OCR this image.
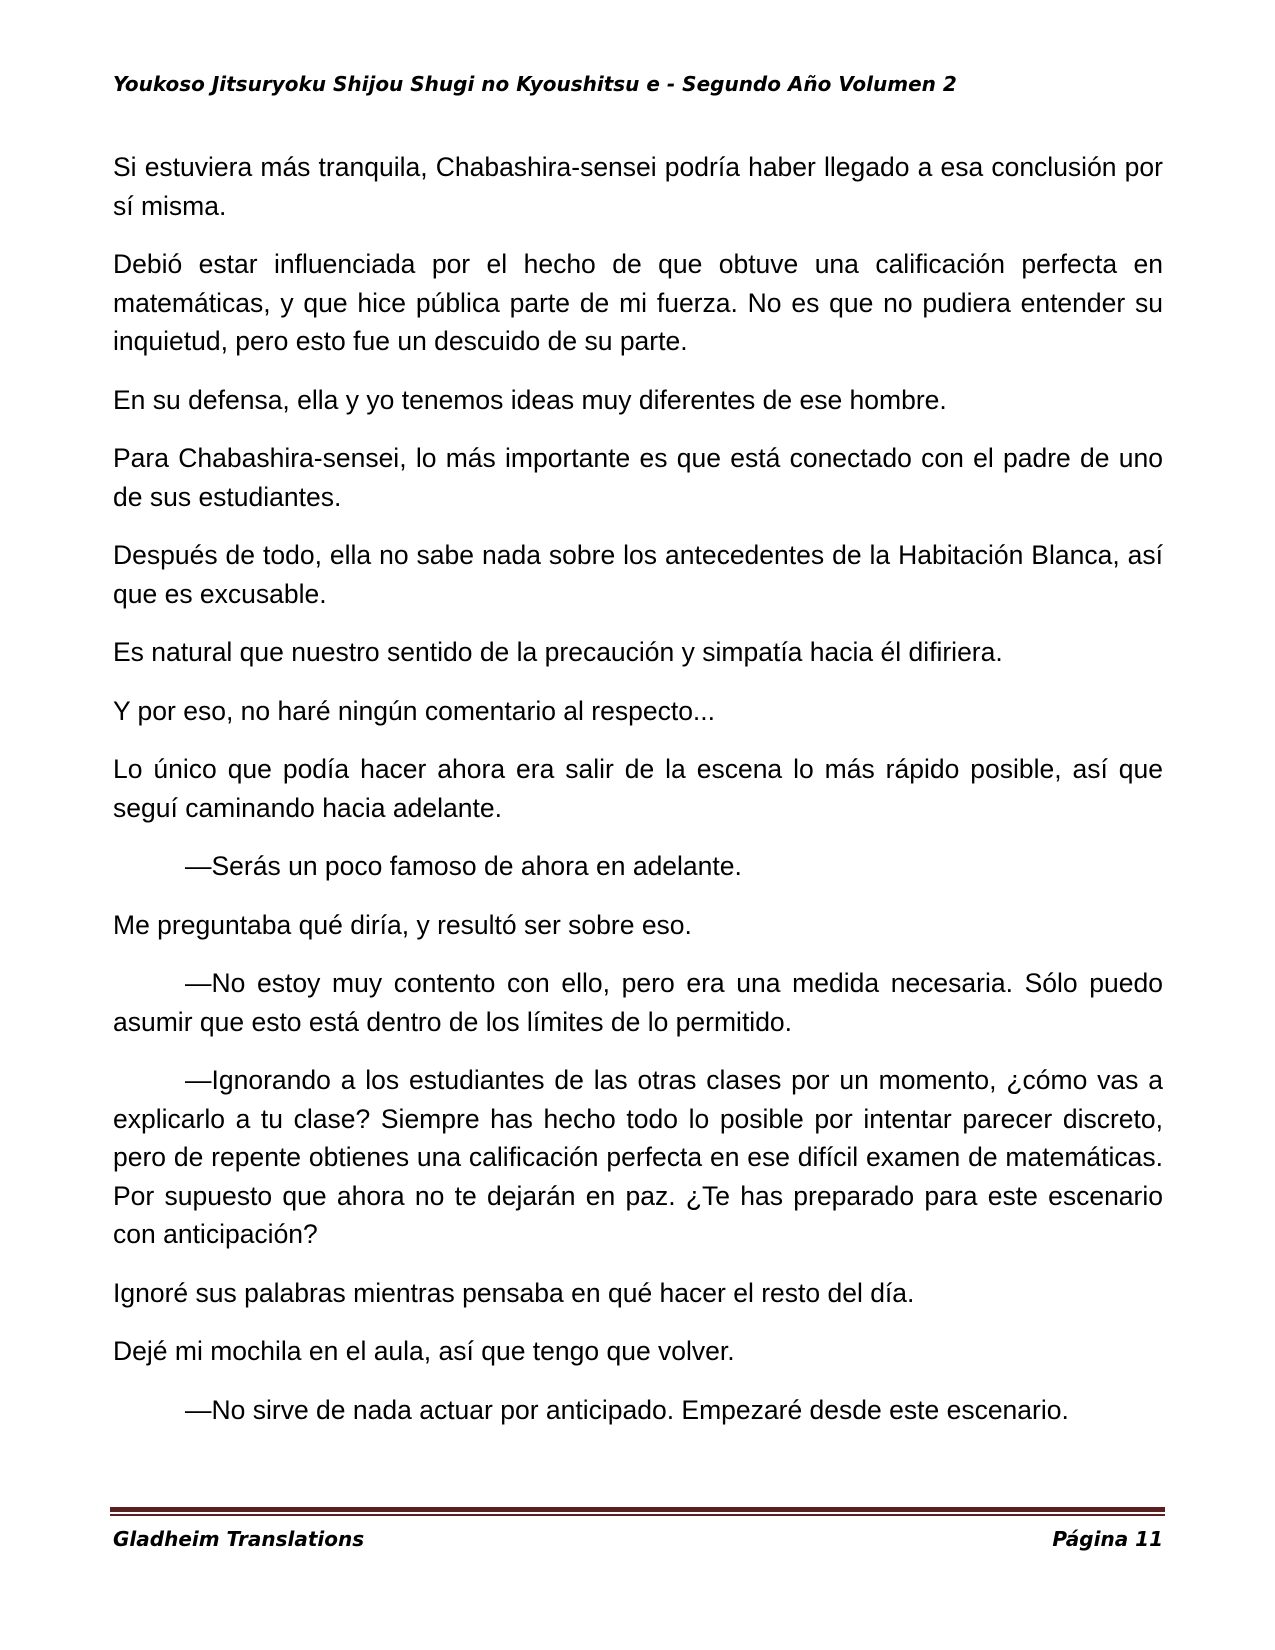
Youkoso Jitsuryoku Shijou Shugi no Kyoushitsu e - Segundo Año Volumen 2

Si estuviera más tranquila, Chabashira-sensei podría haber llegado a esa conclusión por sí misma.

Debió estar influenciada por el hecho de que obtuve una calificación perfecta en matemáticas, y que hice pública parte de mi fuerza. No es que no pudiera entender su inquietud, pero esto fue un descuido de su parte.

En su defensa, ella y yo tenemos ideas muy diferentes de ese hombre.

Para Chabashira-sensei, lo más importante es que está conectado con el padre de uno de sus estudiantes.

Después de todo, ella no sabe nada sobre los antecedentes de la Habitación Blanca, así que es excusable.

Es natural que nuestro sentido de la precaución y simpatía hacia él difiriera.

Y por eso, no haré ningún comentario al respecto...

Lo único que podía hacer ahora era salir de la escena lo más rápido posible, así que seguí caminando hacia adelante.

—Serás un poco famoso de ahora en adelante.

Me preguntaba qué diría, y resultó ser sobre eso.

—No estoy muy contento con ello, pero era una medida necesaria. Sólo puedo asumir que esto está dentro de los límites de lo permitido.

—Ignorando a los estudiantes de las otras clases por un momento, ¿cómo vas a explicarlo a tu clase? Siempre has hecho todo lo posible por intentar parecer discreto, pero de repente obtienes una calificación perfecta en ese difícil examen de matemáticas. Por supuesto que ahora no te dejarán en paz. ¿Te has preparado para este escenario con anticipación?

Ignoré sus palabras mientras pensaba en qué hacer el resto del día.

Dejé mi mochila en el aula, así que tengo que volver.

—No sirve de nada actuar por anticipado. Empezaré desde este escenario.

Gladheim Translations	Página 11
